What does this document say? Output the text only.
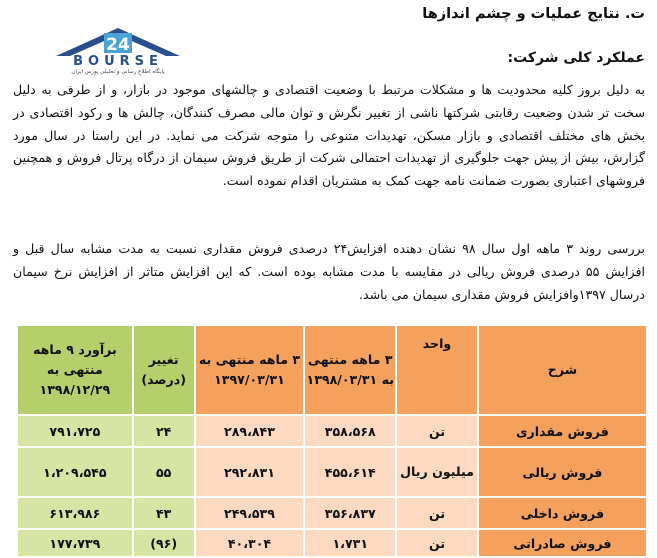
ت. نتایج عملیات و چشم اندازها
24
BOURSE
پایگاه اطلاع رسانی و تحلیلی بورس ایران
عملکرد کلی شرکت:

به دلیل بروز کلیه محدودیت ها و مشکلات مرتبط با وضعیت اقتصادی و چالشهای موجود در بازار، و از طرفی به دلیل سخت تر شدن وضعیت رقابتی شرکتها ناشی از تغییر نگرش و توان مالی مصرف کنندگان، چالش ها و رکود اقتصادی در بخش های مختلف اقتصادی و بازار مسکن، تهدیدات متنوعی را متوجه شرکت می نماید. در این راستا در سال مورد گزارش، بیش از پیش جهت جلوگیری از تهدیدات احتمالی شرکت از طریق فروش سیمان از درگاه پرتال فروش و همچنین فروشهای اعتباری بصورت ضمانت نامه جهت کمک به مشتریان اقدام نموده است.

بررسی روند ۳ ماهه اول سال ۹۸ نشان دهنده افزایش۲۴ درصدی فروش مقداری نسبت به مدت مشابه سال قبل و افزایش ۵۵ درصدی فروش ریالی در مقایسه با مدت مشابه بوده است. که این افزایش متاثر از افزایش نرخ سیمان درسال ۱۳۹۷وافزایش فروش مقداری سیمان می باشد.

شرح	واحد	۳ ماهه منتهی به ۱۳۹۸/۰۳/۳۱	۳ ماهه منتهی به ۱۳۹۷/۰۳/۳۱	تغییر (درصد)	برآورد ۹ ماهه منتهی به ۱۳۹۸/۱۲/۲۹
فروش مقداری	تن	۳۵۸،۵۶۸	۲۸۹،۸۴۳	۲۴	۷۹۱،۷۲۵
فروش ریالی	میلیون ریال	۴۵۵،۶۱۴	۲۹۲،۸۳۱	۵۵	۱،۲۰۹،۵۴۵
فروش داخلی	تن	۳۵۶،۸۳۷	۲۴۹،۵۳۹	۴۳	۶۱۳،۹۸۶
فروش صادراتی	تن	۱،۷۳۱	۴۰،۳۰۴	(۹۶)	۱۷۷،۷۳۹
